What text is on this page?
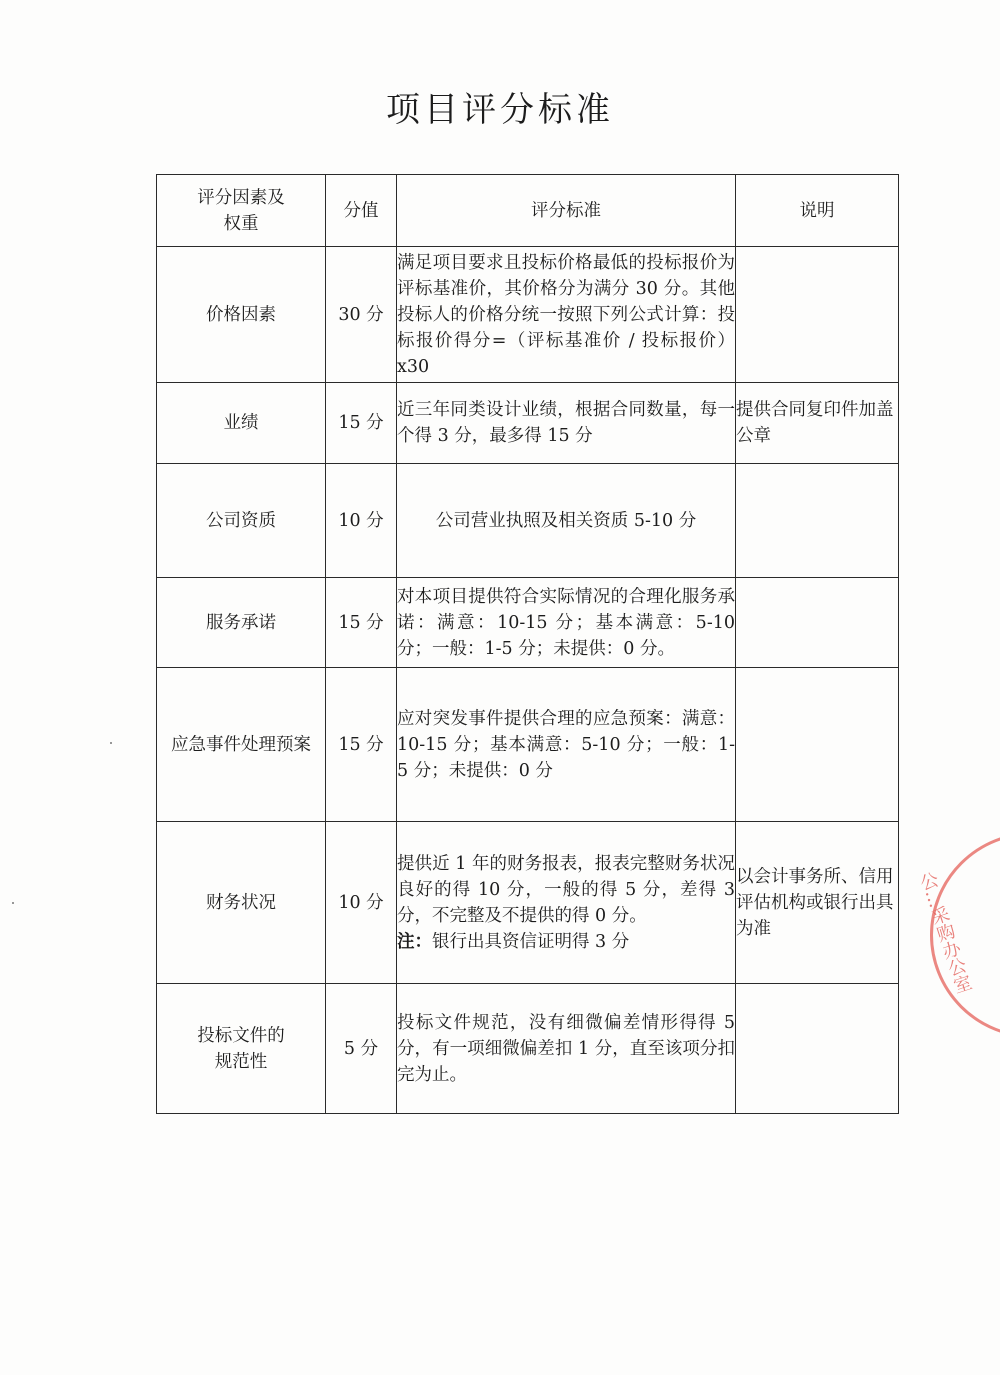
项目评分标准
评分因素及
权重	分值	评分标准	说明
价格因素	30 分	满足项目要求且投标价格最低的投标报价为评标基准价，其价格分为满分 30 分。其他投标人的价格分统一按照下列公式计算：投标报价得分=（评标基准价 / 投标报价）x30	
业绩	15 分	近三年同类设计业绩，根据合同数量，每一个得 3 分，最多得 15 分	提供合同复印件加盖公章
公司资质	10 分	公司营业执照及相关资质 5-10 分	
服务承诺	15 分	对本项目提供符合实际情况的合理化服务承诺：满意：10-15 分；基本满意：5-10 分；一般：1-5 分；未提供：0 分。	
应急事件处理预案	15 分	应对突发事件提供合理的应急预案：满意：10-15 分；基本满意：5-10 分；一般：1-5 分；未提供：0 分	
财务状况	10 分	提供近 1 年的财务报表，报表完整财务状况良好的得 10 分，一般的得 5 分，差得 3 分，不完整及不提供的得 0 分。
注：银行出具资信证明得 3 分	以会计事务所、信用评估机构或银行出具为准
投标文件的
规范性	5 分	投标文件规范，没有细微偏差情形得得 5 分，有一项细微偏差扣 1 分，直至该项分扣完为止。	
公…采购办公室
